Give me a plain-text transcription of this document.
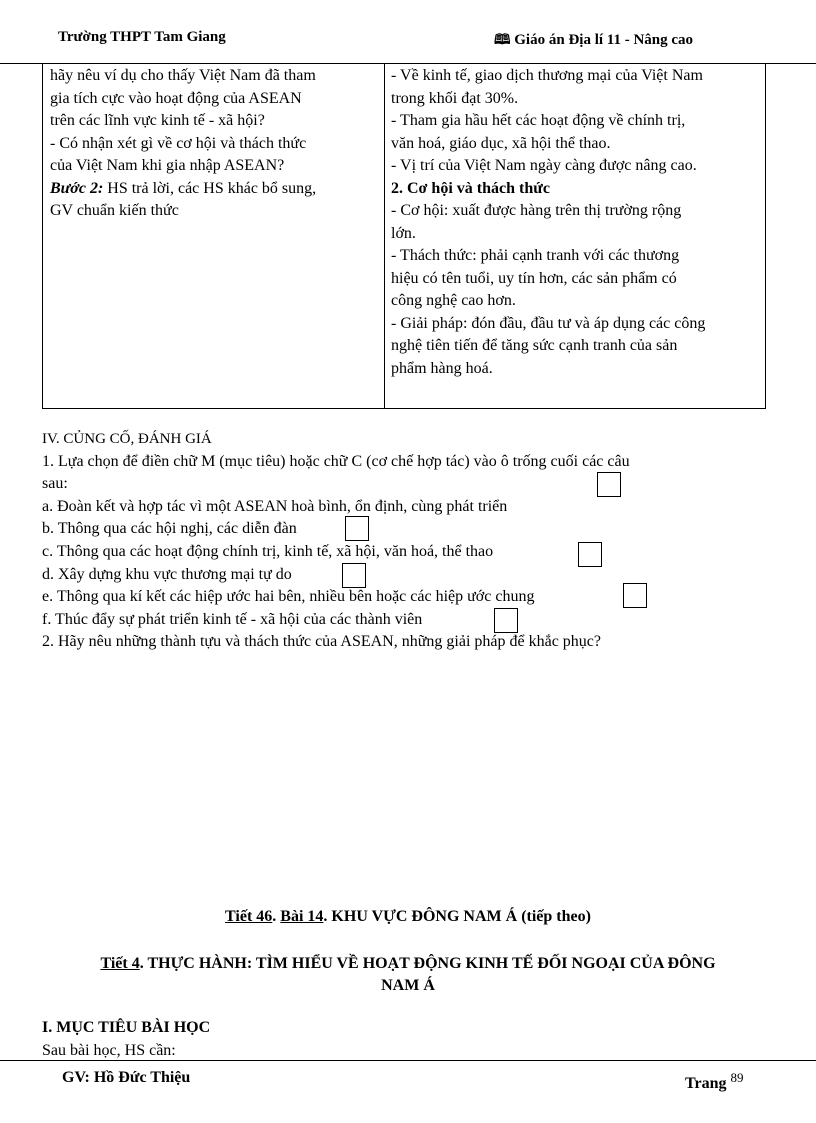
Trường THPT Tam Giang	🕮 Giáo án Địa lí 11 - Nâng cao

hãy nêu ví dụ cho thấy Việt Nam đã tham

gia tích cực vào hoạt động của ASEAN

trên các lĩnh vực kinh tế - xã hội?

- Có nhận xét gì về cơ hội và thách thức

của Việt Nam khi gia nhập ASEAN?

Bước 2: HS trả lời, các HS khác bổ sung,

GV chuẩn kiến thức

- Về kinh tế, giao dịch thương mại của Việt Nam

trong khối đạt 30%.

- Tham gia hầu hết các hoạt động về chính trị,

văn hoá, giáo dục, xã hội thể thao.

- Vị trí của Việt Nam ngày càng được nâng cao.

2. Cơ hội và thách thức

- Cơ hội: xuất được hàng trên thị trường rộng

lớn.

- Thách thức: phải cạnh tranh với các thương

hiệu có tên tuổi, uy tín hơn, các sản phẩm có

công nghệ cao hơn.

- Giải pháp: đón đầu, đầu tư và áp dụng các công

nghệ tiên tiến để tăng sức cạnh tranh của sản

phẩm hàng hoá.

IV. CỦNG CỐ, ĐÁNH GIÁ

1. Lựa chọn để điền chữ M (mục tiêu) hoặc chữ C (cơ chế hợp tác) vào ô trống cuối các câu

sau:

a. Đoàn kết và hợp tác vì một ASEAN hoà bình, ổn định, cùng phát triển

b. Thông qua các hội nghị, các diễn đàn

c. Thông qua các hoạt động chính trị, kinh tế, xã hội, văn hoá, thể thao

d. Xây dựng khu vực thương mại tự do

e. Thông qua kí kết các hiệp ước hai bên, nhiều bên hoặc các hiệp ước chung

f. Thúc đẩy sự phát triển kinh tế - xã hội của các thành viên

2. Hãy nêu những thành tựu và thách thức của ASEAN, những giải pháp để khắc phục?

Tiết 46. Bài 14. KHU VỰC ĐÔNG NAM Á (tiếp theo)
Tiết 4. THỰC HÀNH: TÌM HIỂU VỀ HOẠT ĐỘNG KINH TẾ ĐỐI NGOẠI CỦA ĐÔNG
NAM Á
I. MỤC TIÊU BÀI HỌC
Sau bài học, HS cần:
GV: Hồ Đức Thiệu	Trang $^{89}$
